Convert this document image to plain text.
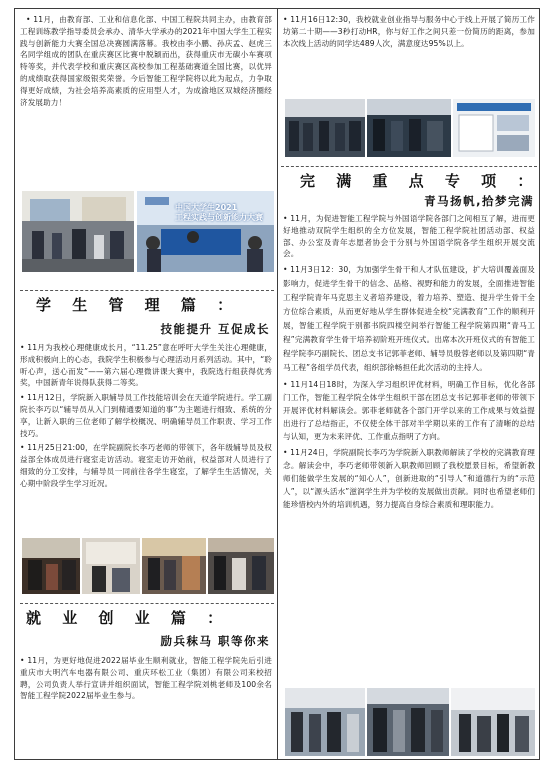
• 11月，由教育部、工业和信息化部、中国工程院共同主办，由教育部工程训练教学指导委员会承办、清华大学承办的2021年中国大学生工程实践与创新能力大赛全国总决赛圆满落幕。我校由李小鹏、孙庆孟、赵虎三名同学组成的团队在重庆赛区比赛中脱颖而出，获得重庆市无碳小车赛项特等奖，并代表学校和重庆赛区高校参加工程基础赛道全国比赛，以优异的成绩取获得国家级银奖荣誉。今后智能工程学院将以此为起点，力争取得更好成绩，为社会培养高素质的应用型人才，为成渝地区双城经济圈经济发展助力！

中国大学生2021
工程实践与创新能力大赛
学 生 管 理 篇 ：
技能提升 互促成长

• 11月为我校心理健康成长月，“11.25”意在呼吁大学生关注心理健康，形成积极向上的心态，我院学生积极参与心理活动月系列活动。其中，“聆听心声，送心而发”——第六届心理微讲课大赛中，我院选行组获得优秀奖，中国新青年说得队获得二等奖。

• 11月12日，学院新入职辅导员工作技能培训会在天道学院进行。学工副院长李巧以“辅导员从入门到精通要知道的事”为主题进行细致、系统的分享，让新入职的三位老师了解学校概况、明确辅导员工作职责、学习工作技巧。

• 11月25日21:00，在学院副院长李巧老师的带领下，各年级辅导员及权益部全体成员进行寝室走访活动。寝室走访开始前，权益部对人员进行了细致的分工安排，与辅导员一同前往各学生寝室，了解学生生活情况，关心期中阶段学生学习近况。

就 业 创 业 篇 ：
励兵秣马 职等你来

• 11月，为更好地促进2022届毕业生顺利就业，智能工程学院先后引进重庆市大明汽车电器有限公司、重庆环松工业（集团）有限公司来校招聘，公司负责人举行宣讲并组织面试，智能工程学院刘桃老师及100余名智能工程学院2022届毕业生参与。

• 11月16日12:30，我校就业创业指导与服务中心于线上开展了简历工作坊第二十期——3秒打动HR，你与好工作之间只差一份简历的距离，参加本次线上活动的同学达489人次，满意度达95%以上。

完 满 重 点 专 项 ：
青马扬帆,拾梦完满

• 11月，为促进智能工程学院与外国语学院各部门之间相互了解，进而更好地推动双院学生组织的全方位发展，智能工程学院社团活动部、权益部、办公室及青年志愿者协会于分别与外国语学院各学生组织开展交流会。

• 11月3日12：30，为加强学生骨干和人才队伍建设，扩大培训覆盖面及影响力，促进学生骨干的信念、品格、视野和能力的发展，全面推进智能工程学院青年马克思主义者培养建设，着力培养、塑造、提升学生骨干全方位综合素质，从而更好地从学生群体促进全校“完满教育”工作的顺利开展，智能工程学院于别都书院四楼空间举行智能工程学院第四期“青马工程”完满教育学生骨干培养初阶班开班仪式。出席本次开班仪式的有智能工程学院李巧副院长、团总支书记郭菲老师、辅导员殷蓉老师以及第四期“青马工程”各组学员代表，组织部徐畅担任此次活动的主持人。

• 11月14日18时，为深入学习组织评优材料，明确工作目标，优化各部门工作，智能工程学院全体学生组织干部在团总支书记郭菲老师的带领下开展评优材料解读会。郭菲老师就各个部门开学以来的工作成果与效益提出进行了总结指正，不仅使全体干部对半学期以来的工作有了清晰的总结与认知，更为未来评优、工作重点指明了方向。

• 11月24日，学院副院长李巧为学院新入职教师解读了学校的完满教育理念。解读会中，李巧老师带领新入职教师回顾了我校愿景目标，希望新教师们能做学生发展的“知心人”，创新进取的“引导人”和道德行为的“示范人”，以“源头活水”滋润学生并为学校的发展做出贡献。同时也希望老师们能珍惜校内外的培训机遇，努力提高自身综合素质和理职能力。
